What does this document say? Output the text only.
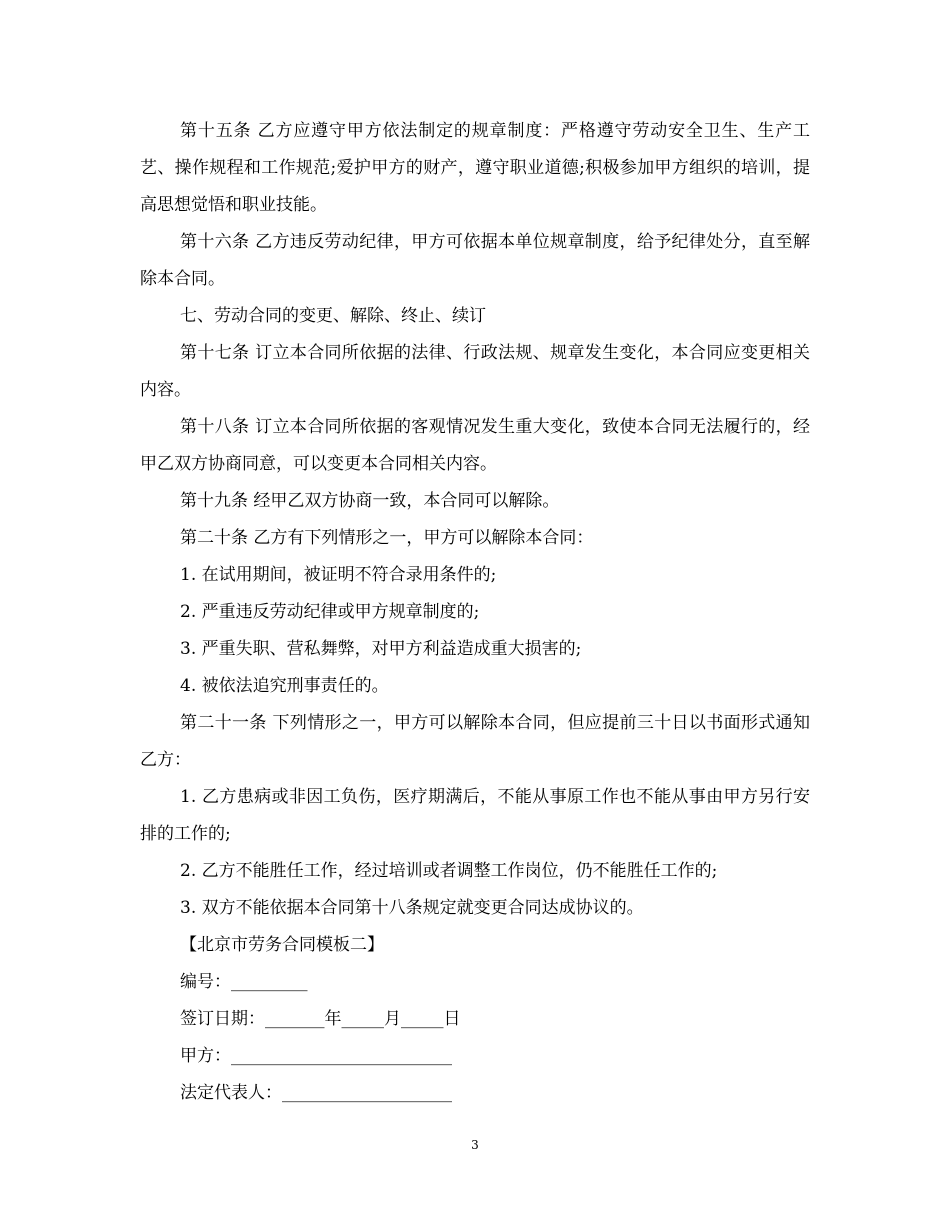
第十五条 乙方应遵守甲方依法制定的规章制度：严格遵守劳动安全卫生、生产工艺、操作规程和工作规范;爱护甲方的财产，遵守职业道德;积极参加甲方组织的培训，提高思想觉悟和职业技能。

第十六条 乙方违反劳动纪律，甲方可依据本单位规章制度，给予纪律处分，直至解除本合同。

七、劳动合同的变更、解除、终止、续订

第十七条 订立本合同所依据的法律、行政法规、规章发生变化，本合同应变更相关内容。

第十八条 订立本合同所依据的客观情况发生重大变化，致使本合同无法履行的，经甲乙双方协商同意，可以变更本合同相关内容。

第十九条 经甲乙双方协商一致，本合同可以解除。

第二十条 乙方有下列情形之一，甲方可以解除本合同：

1. 在试用期间，被证明不符合录用条件的;

2. 严重违反劳动纪律或甲方规章制度的;

3. 严重失职、营私舞弊，对甲方利益造成重大损害的;

4. 被依法追究刑事责任的。

第二十一条 下列情形之一，甲方可以解除本合同，但应提前三十日以书面形式通知乙方：

1. 乙方患病或非因工负伤，医疗期满后，不能从事原工作也不能从事由甲方另行安排的工作的;

2. 乙方不能胜任工作，经过培训或者调整工作岗位，仍不能胜任工作的;

3. 双方不能依据本合同第十八条规定就变更合同达成协议的。

【北京市劳务合同模板二】

编号：_________

签订日期：_______年_____月_____日

甲方：__________________________

法定代表人：____________________

3
